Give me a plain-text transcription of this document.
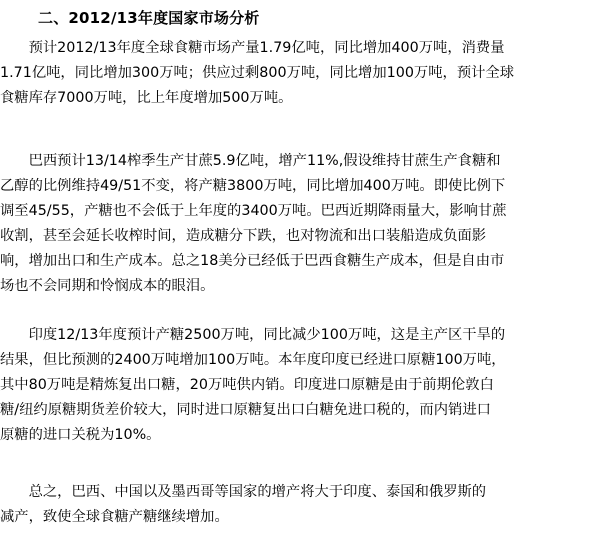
二、2012/13年度国家市场分析
　　预计2012/13年度全球食糖市场产量1.79亿吨，同比增加400万吨，消费量
1.71亿吨，同比增加300万吨；供应过剩800万吨，同比增加100万吨，预计全球
食糖库存7000万吨，比上年度增加500万吨。
　　巴西预计13/14榨季生产甘蔗5.9亿吨，增产11%,假设维持甘蔗生产食糖和
乙醇的比例维持49/51不变，将产糖3800万吨，同比增加400万吨。即使比例下
调至45/55，产糖也不会低于上年度的3400万吨。巴西近期降雨量大，影响甘蔗
收割，甚至会延长收榨时间，造成糖分下跌，也对物流和出口装船造成负面影
响，增加出口和生产成本。总之18美分已经低于巴西食糖生产成本，但是自由市
场也不会同期和怜悯成本的眼泪。
　　印度12/13年度预计产糖2500万吨，同比减少100万吨，这是主产区干旱的
结果，但比预测的2400万吨增加100万吨。本年度印度已经进口原糖100万吨，
其中80万吨是精炼复出口糖，20万吨供内销。印度进口原糖是由于前期伦敦白
糖/纽约原糖期货差价较大，同时进口原糖复出口白糖免进口税的，而内销进口
原糖的进口关税为10%。
　　总之，巴西、中国以及墨西哥等国家的增产将大于印度、泰国和俄罗斯的
减产，致使全球食糖产糖继续增加。
